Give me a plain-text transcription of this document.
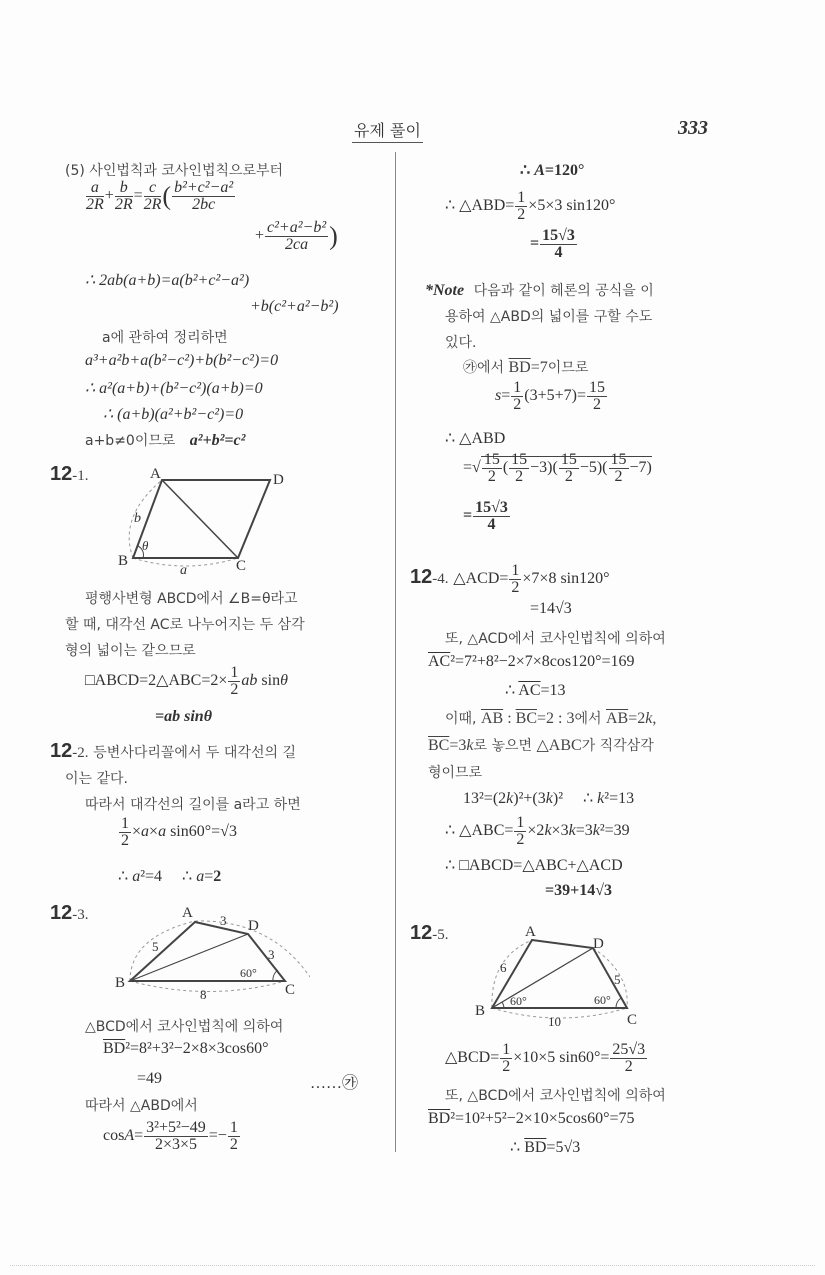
유제 풀이	333
(5) 사인법칙과 코사인법칙으로부터
$\frac{a}{2R} + \frac{b}{2R} = \frac{c}{2R}$ ( $\frac{\text{b²+c²−a²}}{2bc}$
+ $\frac{\text{c²+a²−b²}}{2ca}$ )
∴ 2ab(a+b)=a(b²+c²−a²)
+b(c²+a²−b²)
a에 관하여 정리하면
a³+a²b+a(b²−c²)+b(b²−c²)=0
∴ a²(a+b)+(b²−c²)(a+b)=0
∴ (a+b)(a²+b²−c²)=0
a+b≠0이므로 a²+b²=c²
12-1.	A	D
B	C
b
θ
a
평행사변형 ABCD에서 ∠B=θ라고
할 때, 대각선 AC로 나누어지는 두 삼각
형의 넓이는 같으므로
□ABCD=2△ABC=2× $\frac{1}{2}$ ab sinθ
=ab sinθ
12-2. 등변사다리꼴에서 두 대각선의 길
이는 같다.
따라서 대각선의 길이를 a라고 하면
$\frac{1}{2} \times a\times a$ sin60°=√3
∴ a²=4     ∴ a=2
12-3.	A
D
B	C
5
3
3
60°
8
△BCD에서 코사인법칙에 의하여
$\overline{BD}^2=8^2+3^2-2\times 8\times 3\cos 60^\circ$
=49	……㉮
따라서 △ABD에서
$\cos A= \frac{\text{3²+5²−49}}{2\times 3\times 5} =- \frac{1}{2}$
∴ A=120°
∴ △ABD= $\frac{1}{2} \times 5\times 3$ sin120°
= $\frac{15√3}{4}$
*Note 다음과 같이 헤론의 공식을 이
용하여 △ABD의 넓이를 구할 수도
있다.
㉮에서 $\overline{BD}=7$이므로
$s= \frac{1}{2} (3+5+7)= \frac{15}{2}$
∴ △ABD
=√ $\frac{15}{2}$ ( $\frac{15}{2} -3)( \frac{15}{2} -5)( \frac{15}{2} -7)$
= $\frac{15√3}{4}$
12-4. △ACD= $\frac{1}{2} \times 7\times 8$ sin120°
=14√3
또, △ACD에서 코사인법칙에 의하여
$\overline{AC}^2=7^2+8^2-2\times 7\times 8\cos 120^\circ=169$
∴ $\overline{AC}=13$
이때, $\overline{AB}$ : $\overline{BC}=2$ : 3에서 $\overline{AB}=2k$,
$\overline{BC}=3k$로 놓으면 △ABC가 직각삼각
형이므로
13²=(2k)²+(3k)²     ∴ k²=13
∴ △ABC= $\frac{1}{2} \times 2k\times 3k=3k^2=39$
∴ □ABCD=△ABC+△ACD
=39+14√3
12-5.	A
D
B
C
6
5
60°	60°
10
△BCD= $\frac{1}{2} \times 10\times 5$ $\sin 60^\circ= \frac{25√3}{2}$
또, △BCD에서 코사인법칙에 의하여
$\overline{BD}^2=10^2+5^2-2\times 10\times 5\cos 60^\circ=75$
∴ $\overline{BD}=5√3$
